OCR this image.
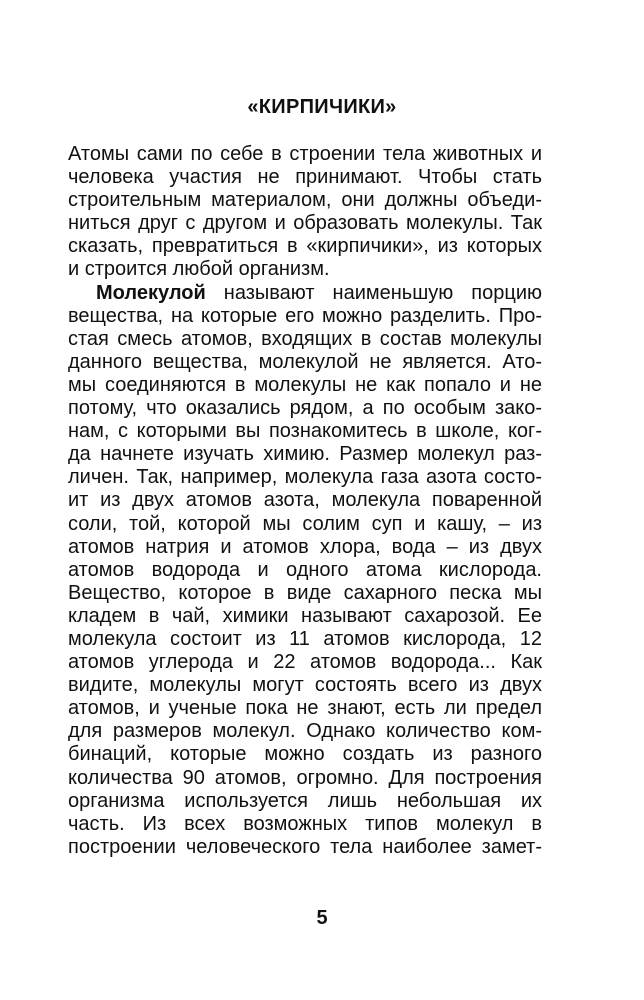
«КИРПИЧИКИ»
Атомы сами по себе в строении тела животных и
человека участия не принимают. Чтобы стать
строительным материалом, они должны объеди-
ниться друг с другом и образовать молекулы. Так
сказать, превратиться в «кирпичики», из которых
и строится любой организм.
Молекулой называют наименьшую порцию
вещества, на которые его можно разделить. Про-
стая смесь атомов, входящих в состав молекулы
данного вещества, молекулой не является. Ато-
мы соединяются в молекулы не как попало и не
потому, что оказались рядом, а по особым зако-
нам, с которыми вы познакомитесь в школе, ког-
да начнете изучать химию. Размер молекул раз-
личен. Так, например, молекула газа азота состо-
ит из двух атомов азота, молекула поваренной
соли, той, которой мы солим суп и кашу, – из
атомов натрия и атомов хлора, вода – из двух
атомов водорода и одного атома кислорода.
Вещество, которое в виде сахарного песка мы
кладем в чай, химики называют сахарозой. Ее
молекула состоит из 11 атомов кислорода, 12
атомов углерода и 22 атомов водорода... Как
видите, молекулы могут состоять всего из двух
атомов, и ученые пока не знают, есть ли предел
для размеров молекул. Однако количество ком-
бинаций, которые можно создать из разного
количества 90 атомов, огромно. Для построения
организма используется лишь небольшая их
часть. Из всех возможных типов молекул в
построении человеческого тела наиболее замет-
5
